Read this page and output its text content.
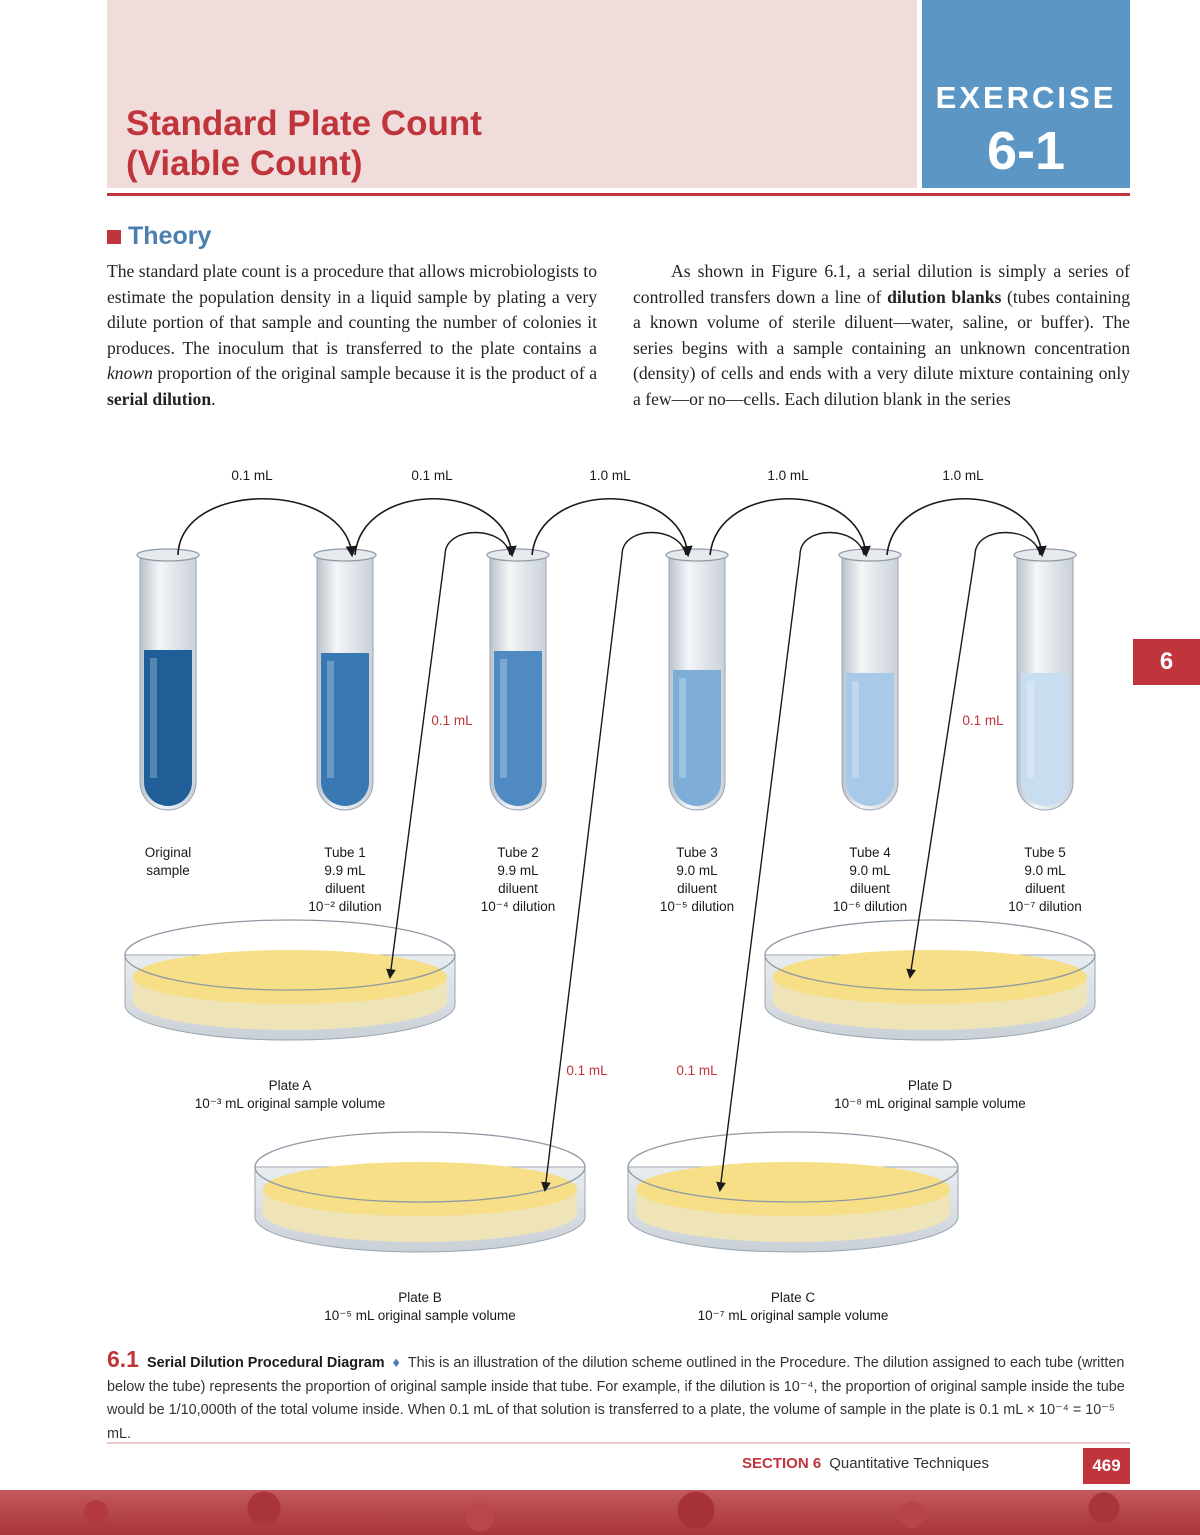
Standard Plate Count
(Viable Count)
EXERCISE
6-1
Theory
The standard plate count is a procedure that allows microbiologists to estimate the population density in a liquid sample by plating a very dilute portion of that sample and counting the number of colonies it produces. The inoculum that is transferred to the plate contains a known proportion of the original sample because it is the product of a serial dilution.
As shown in Figure 6.1, a serial dilution is simply a series of controlled transfers down a line of dilution blanks (tubes containing a known volume of sterile diluent—water, saline, or buffer). The series begins with a sample containing an unknown concentration (density) of cells and ends with a very dilute mixture containing only a few—or no—cells. Each dilution blank in the series
0.1 mL	0.1 mL	1.0 mL	1.0 mL	1.0 mL
0.1 mL	0.1 mL
0.1 mL	0.1 mL
Original
sample
Tube 1
9.9 mL
diluent
10⁻² dilution
Tube 2
9.9 mL
diluent
10⁻⁴ dilution
Tube 3
9.0 mL
diluent
10⁻⁵ dilution
Tube 4
9.0 mL
diluent
10⁻⁶ dilution
Tube 5
9.0 mL
diluent
10⁻⁷ dilution
Plate A
10⁻³ mL original sample volume
Plate D
10⁻⁸ mL original sample volume
Plate B
10⁻⁵ mL original sample volume
Plate C
10⁻⁷ mL original sample volume
6
6.1 Serial Dilution Procedural Diagram ♦ This is an illustration of the dilution scheme outlined in the Procedure. The dilution assigned to each tube (written below the tube) represents the proportion of original sample inside that tube. For example, if the dilution is 10⁻⁴, the proportion of original sample inside the tube would be 1/10,000th of the total volume inside. When 0.1 mL of that solution is transferred to a plate, the volume of sample in the plate is 0.1 mL × 10⁻⁴ = 10⁻⁵ mL.
SECTION 6 Quantitative Techniques	469
